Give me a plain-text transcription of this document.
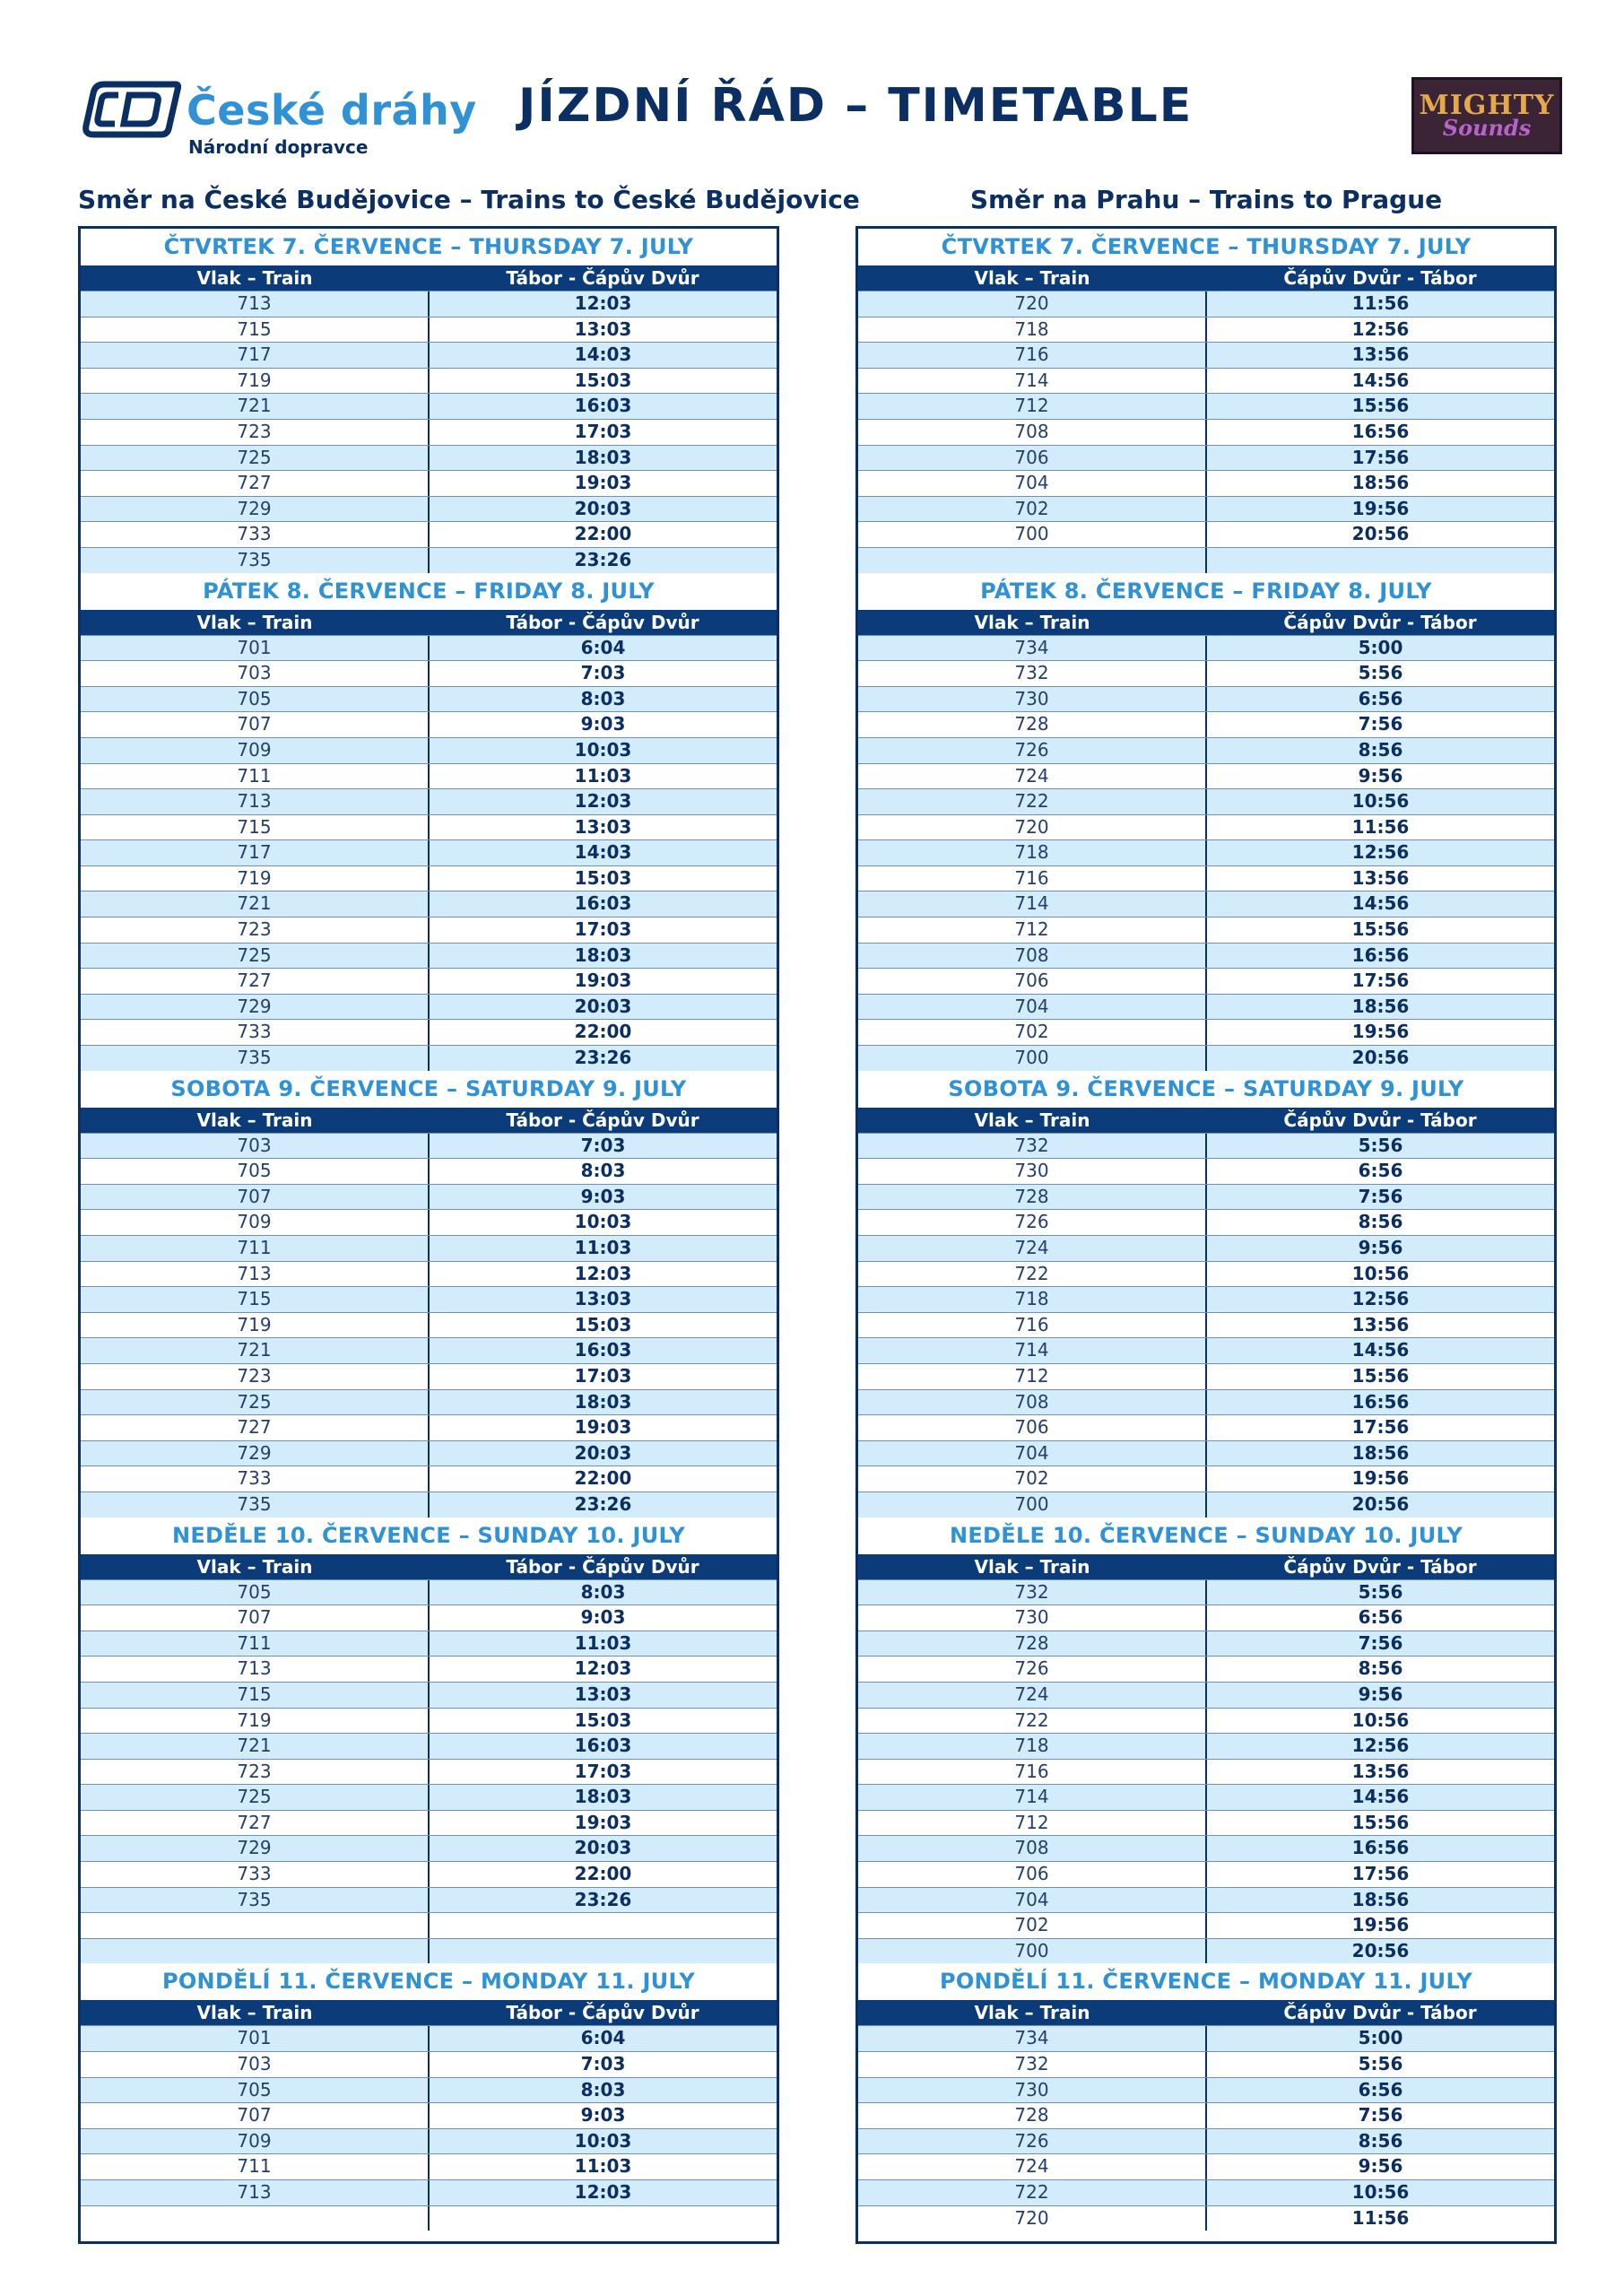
České dráhy
Národní dopravce
JÍZDNÍ ŘÁD – TIMETABLE	MIGHTY
Sounds
Směr na České Budějovice – Trains to České Budějovice	Směr na Prahu – Trains to Prague
ČTVRTEK 7. ČERVENCE – THURSDAY 7. JULY
Vlak – Train	Tábor - Čápův Dvůr
713	12:03
715	13:03
717	14:03
719	15:03
721	16:03
723	17:03
725	18:03
727	19:03
729	20:03
733	22:00
735	23:26
PÁTEK 8. ČERVENCE – FRIDAY 8. JULY
Vlak – Train	Tábor - Čápův Dvůr
701	6:04
703	7:03
705	8:03
707	9:03
709	10:03
711	11:03
713	12:03
715	13:03
717	14:03
719	15:03
721	16:03
723	17:03
725	18:03
727	19:03
729	20:03
733	22:00
735	23:26
SOBOTA 9. ČERVENCE – SATURDAY 9. JULY
Vlak – Train	Tábor - Čápův Dvůr
703	7:03
705	8:03
707	9:03
709	10:03
711	11:03
713	12:03
715	13:03
719	15:03
721	16:03
723	17:03
725	18:03
727	19:03
729	20:03
733	22:00
735	23:26
NEDĚLE 10. ČERVENCE – SUNDAY 10. JULY
Vlak – Train	Tábor - Čápův Dvůr
705	8:03
707	9:03
711	11:03
713	12:03
715	13:03
719	15:03
721	16:03
723	17:03
725	18:03
727	19:03
729	20:03
733	22:00
735	23:26
PONDĚLÍ 11. ČERVENCE – MONDAY 11. JULY
Vlak – Train	Tábor - Čápův Dvůr
701	6:04
703	7:03
705	8:03
707	9:03
709	10:03
711	11:03
713	12:03
ČTVRTEK 7. ČERVENCE – THURSDAY 7. JULY
Vlak – Train	Čápův Dvůr - Tábor
720	11:56
718	12:56
716	13:56
714	14:56
712	15:56
708	16:56
706	17:56
704	18:56
702	19:56
700	20:56
PÁTEK 8. ČERVENCE – FRIDAY 8. JULY
Vlak – Train	Čápův Dvůr - Tábor
734	5:00
732	5:56
730	6:56
728	7:56
726	8:56
724	9:56
722	10:56
720	11:56
718	12:56
716	13:56
714	14:56
712	15:56
708	16:56
706	17:56
704	18:56
702	19:56
700	20:56
SOBOTA 9. ČERVENCE – SATURDAY 9. JULY
Vlak – Train	Čápův Dvůr - Tábor
732	5:56
730	6:56
728	7:56
726	8:56
724	9:56
722	10:56
718	12:56
716	13:56
714	14:56
712	15:56
708	16:56
706	17:56
704	18:56
702	19:56
700	20:56
NEDĚLE 10. ČERVENCE – SUNDAY 10. JULY
Vlak – Train	Čápův Dvůr - Tábor
732	5:56
730	6:56
728	7:56
726	8:56
724	9:56
722	10:56
718	12:56
716	13:56
714	14:56
712	15:56
708	16:56
706	17:56
704	18:56
702	19:56
700	20:56
PONDĚLÍ 11. ČERVENCE – MONDAY 11. JULY
Vlak – Train	Čápův Dvůr - Tábor
734	5:00
732	5:56
730	6:56
728	7:56
726	8:56
724	9:56
722	10:56
720	11:56
